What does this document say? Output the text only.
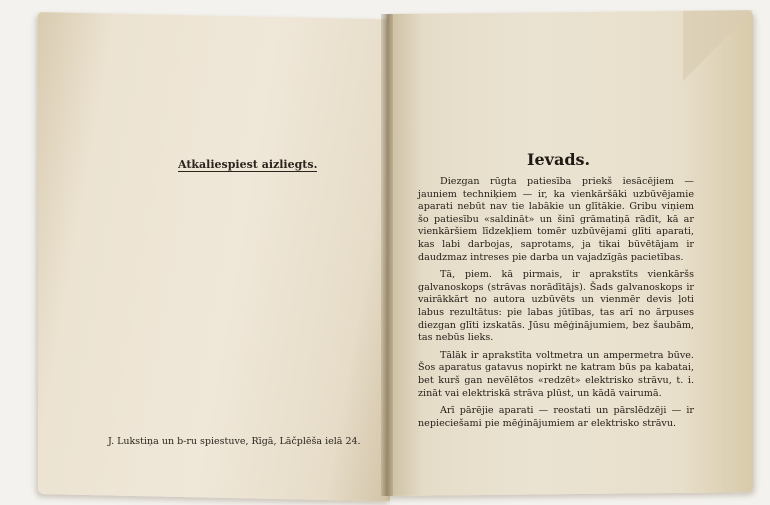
Atkaliespiest aizliegts.
J. Lukstiņa un b-ru spiestuve, Rīgā, Lāčplēša ielā 24.
Ievads.

Diezgan rūgta patiesība priekš iesācējiem — jauniem techniķiem — ir, ka vienkāršāki uzbūvējamie aparati nebūt nav tie labākie un glītākie. Gribu viņiem šo patiesību «saldināt» un šinī grāmatiņā rādīt, kā ar vienkāršiem līdzekļiem tomēr uzbūvējami glīti aparati, kas labi darbojas, saprotams, ja tikai būvētājam ir daudzmaz intreses pie darba un vajadzīgās pacietības.

Tā, piem. kā pirmais, ir aprakstīts vienkāršs galvanoskops (strāvas norādītājs). Šads galvanoskops ir vairākkārt no autora uzbūvēts un vienmēr devis ļoti labus rezultātus: pie labas jūtības, tas arī no ārpuses diezgan glīti izskatās. Jūsu mēģinājumiem, bez šaubām, tas nebūs lieks.

Tālāk ir aprakstīta voltmetra un ampermetra būve. Šos aparatus gatavus nopirkt ne katram būs pa kabatai, bet kurš gan nevēlētos «redzēt» elektrisko strāvu, t. i. zināt vai elektriskā strāva plūst, un kādā vairumā.

Arī pārējie aparati — reostati un pārslēdzēji — ir nepieciešami pie mēģinājumiem ar elektrisko strāvu.
